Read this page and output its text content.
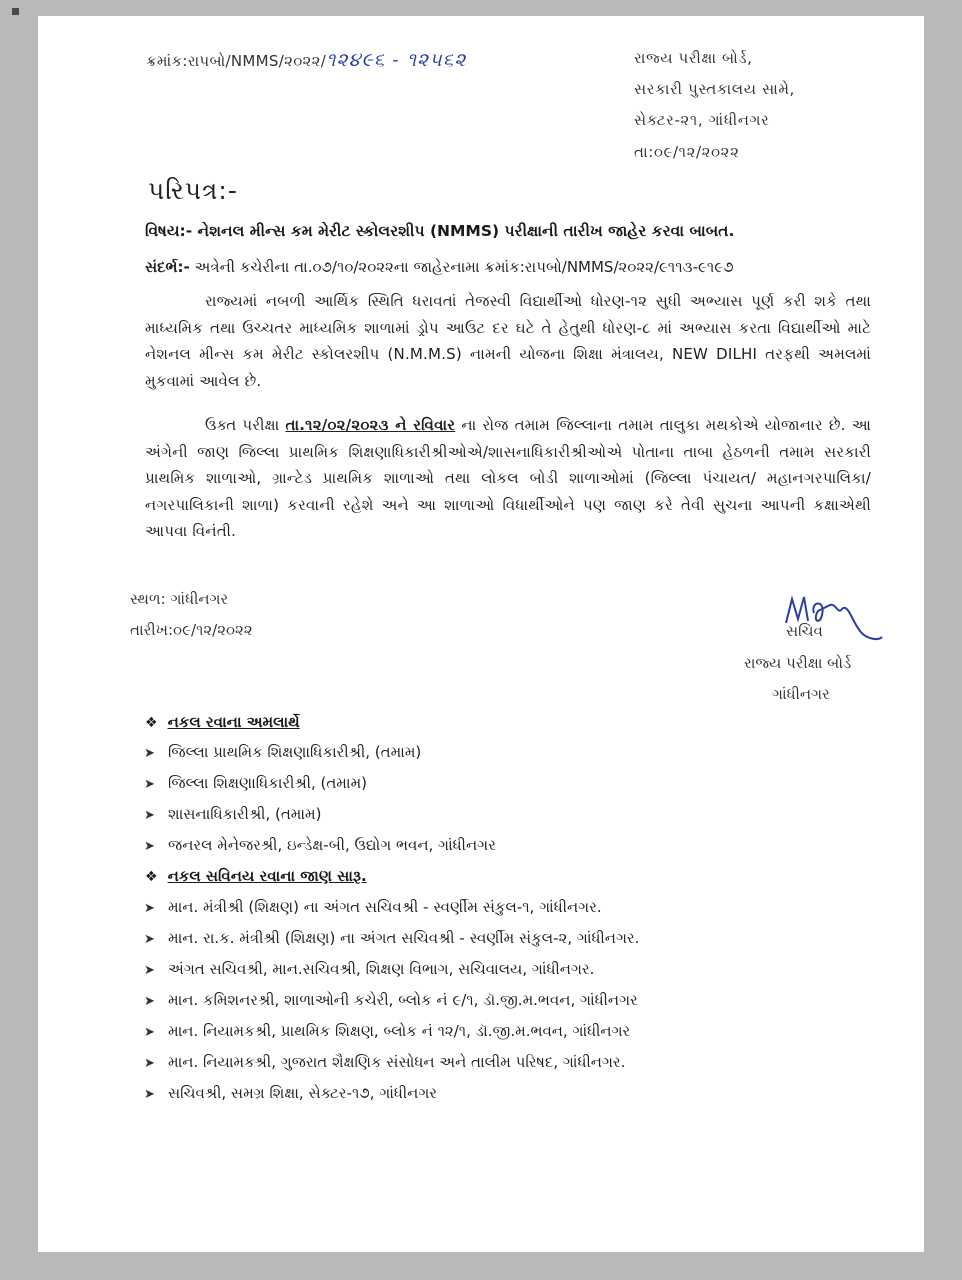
ક્રમાંક:રાપબો/NMMS/૨૦૨૨/૧૨૪૯૬ - ૧૨૫૬૨	રાજ્ય પરીક્ષા બોર્ડ,
સરકારી પુસ્તકાલય સામે,
સેક્ટર-૨૧, ગાંધીનગર
તા:૦૯/૧૨/૨૦૨૨
પરિપત્ર:-
વિષય:- નેશનલ મીન્સ કમ મેરીટ સ્કોલરશીપ (NMMS) પરીક્ષાની તારીખ જાહેર કરવા બાબત.
સંદર્ભ:- અત્રેની કચેરીના તા.૦૭/૧૦/૨૦૨૨ના જાહેરનામા ક્રમાંક:રાપબો/NMMS/૨૦૨૨/૯૧૧૩-૯૧૯૭
રાજ્યમાં નબળી આર્થિક સ્થિતિ ધરાવતાં તેજસ્વી વિદ્યાર્થીઓ ધોરણ-૧૨ સુધી અભ્યાસ પૂર્ણ કરી શકે તથા માધ્યમિક તથા ઉચ્ચતર માધ્યમિક શાળામાં ડ્રોપ આઉટ દર ઘટે તે હેતુથી ધોરણ-૮ માં અભ્યાસ કરતા વિદ્યાર્થીઓ માટે નેશનલ મીન્સ કમ મેરીટ સ્કોલરશીપ (N.M.M.S) નામની યોજના શિક્ષા મંત્રાલય, NEW DILHI તરફથી અમલમાં મુકવામાં આવેલ છે.
ઉક્ત પરીક્ષા તા.૧૨/૦૨/૨૦૨૩ ને રવિવાર ના રોજ તમામ જિલ્લાના તમામ તાલુકા મથકોએ યોજાનાર છે. આ અંગેની જાણ જિલ્લા પ્રાથમિક શિક્ષણાધિકારીશ્રીઓએ/શાસનાધિકારીશ્રીઓએ પોતાના તાબા હેઠળની તમામ સરકારી પ્રાથમિક શાળાઓ, ગ્રાન્ટેડ પ્રાથમિક શાળાઓ તથા લોકલ બોડી શાળાઓમાં (જિલ્લા પંચાયત/ મહાનગરપાલિકા/નગરપાલિકાની શાળા) કરવાની રહેશે અને આ શાળાઓ વિધાર્થીઓને પણ જાણ કરે તેવી સુચના આપની કક્ષાએથી આપવા વિનંતી.
સ્થળ: ગાંધીનગર
તારીખ:૦૯/૧૨/૨૦૨૨	સચિવ
રાજ્ય પરીક્ષા બોર્ડ
ગાંધીનગર
❖ નકલ રવાના અમલાર્થે
➤ જિલ્લા પ્રાથમિક શિક્ષણાધિકારીશ્રી, (તમામ)
➤ જિલ્લા શિક્ષણાધિકારીશ્રી, (તમામ)
➤ શાસનાધિકારીશ્રી, (તમામ)
➤ જનરલ મેનેજરશ્રી, ઇન્ડેક્ષ-બી, ઉદ્યોગ ભવન, ગાંધીનગર
❖ નકલ સવિનય રવાના જાણ સારૂ.
➤ માન. મંત્રીશ્રી (શિક્ષણ) ના અંગત સચિવશ્રી - સ્વર્ણીમ સંકુલ-૧, ગાંધીનગર.
➤ માન. રા.ક. મંત્રીશ્રી (શિક્ષણ) ના અંગત સચિવશ્રી - સ્વર્ણીમ સંકુલ-૨, ગાંધીનગર.
➤ અંગત સચિવશ્રી, માન.સચિવશ્રી, શિક્ષણ વિભાગ, સચિવાલય, ગાંધીનગર.
➤ માન. કમિશનરશ્રી, શાળાઓની કચેરી, બ્લોક નં ૯/૧, ડૉ.જી.મ.ભવન, ગાંધીનગર
➤ માન. નિયામકશ્રી, પ્રાથમિક શિક્ષણ, બ્લોક નં ૧૨/૧, ડૉ.જી.મ.ભવન, ગાંધીનગર
➤ માન. નિયામકશ્રી, ગુજરાત શૈક્ષણિક સંસોધન અને તાલીમ પરિષદ, ગાંધીનગર.
➤ સચિવશ્રી, સમગ્ર શિક્ષા, સેક્ટર-૧૭, ગાંધીનગર
